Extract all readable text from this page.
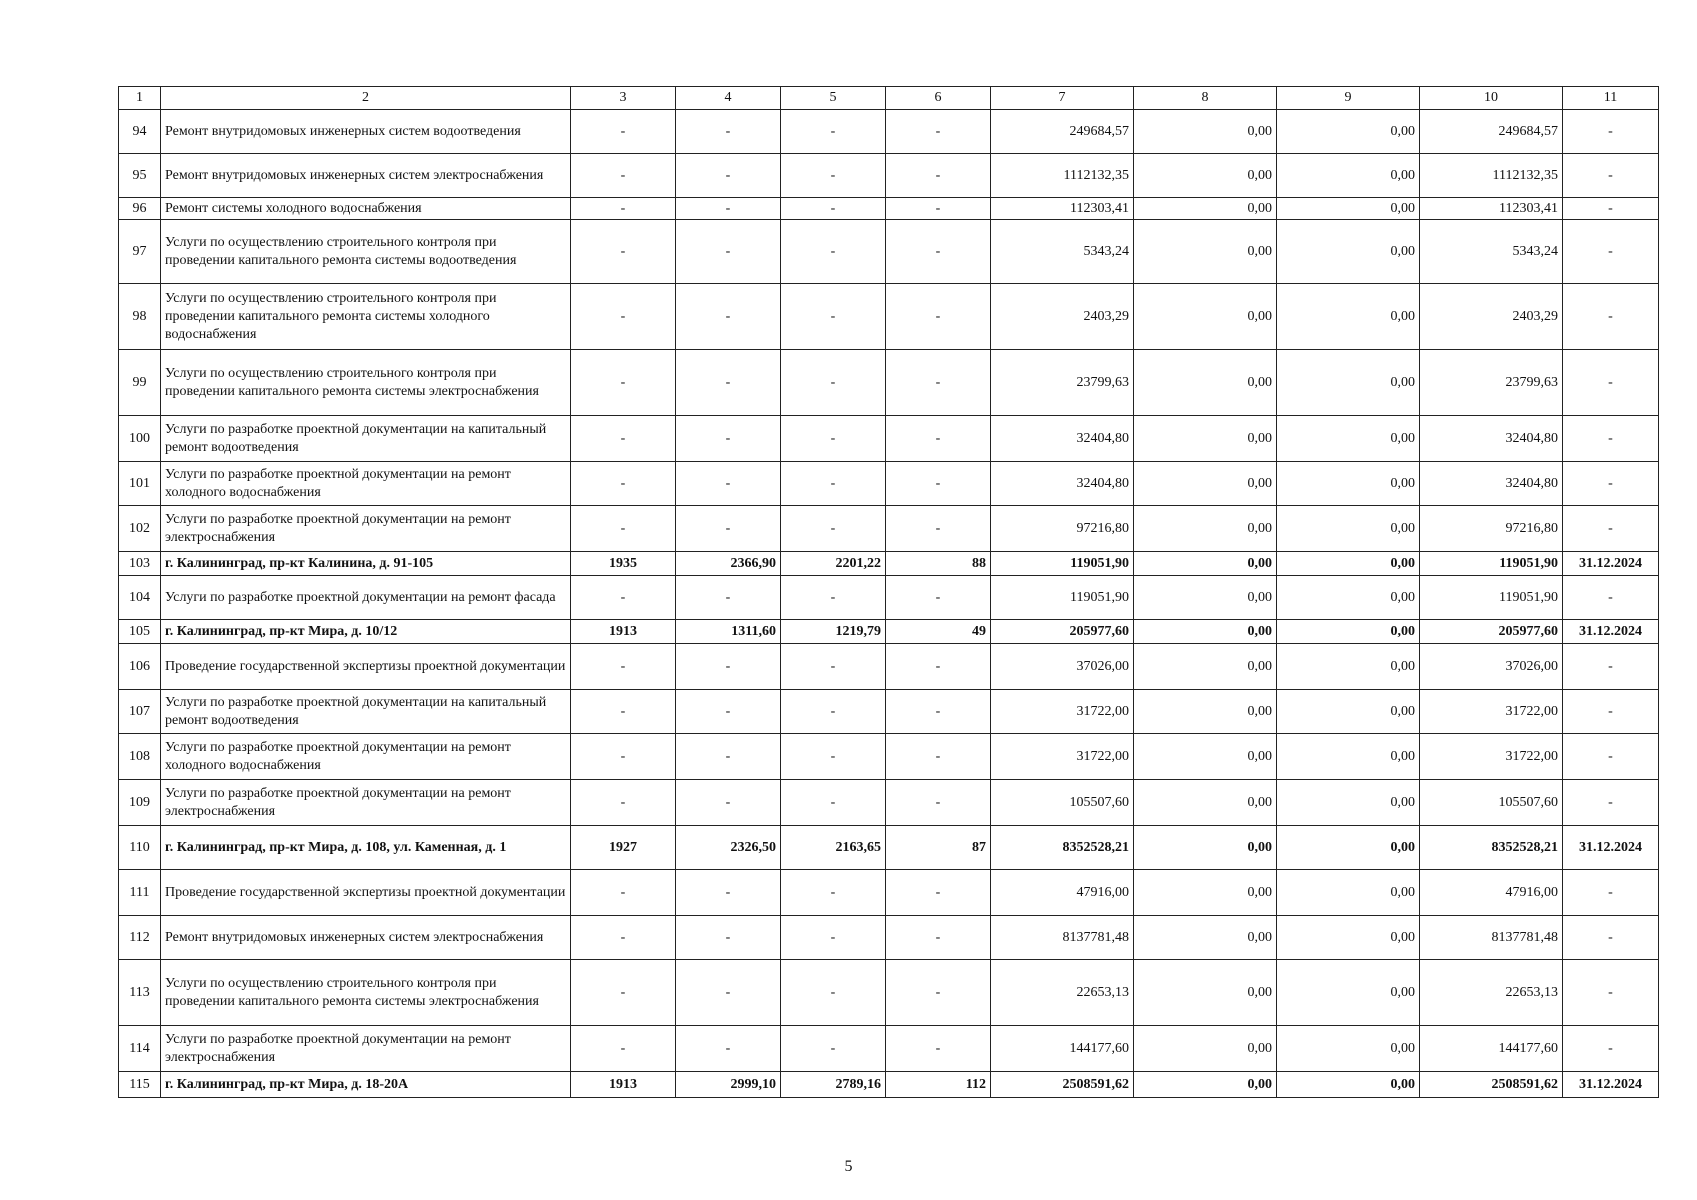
1	2	3	4	5	6	7	8	9	10	11
94	Ремонт внутридомовых инженерных систем водоотведения	-	-	-	-	249684,57	0,00	0,00	249684,57	-
95	Ремонт внутридомовых инженерных систем электроснабжения	-	-	-	-	1112132,35	0,00	0,00	1112132,35	-
96	Ремонт системы холодного водоснабжения	-	-	-	-	112303,41	0,00	0,00	112303,41	-
97	Услуги по осуществлению строительного контроля при проведении капитального ремонта системы водоотведения	-	-	-	-	5343,24	0,00	0,00	5343,24	-
98	Услуги по осуществлению строительного контроля при проведении капитального ремонта системы холодного водоснабжения	-	-	-	-	2403,29	0,00	0,00	2403,29	-
99	Услуги по осуществлению строительного контроля при проведении капитального ремонта системы электроснабжения	-	-	-	-	23799,63	0,00	0,00	23799,63	-
100	Услуги по разработке проектной документации на капитальный ремонт водоотведения	-	-	-	-	32404,80	0,00	0,00	32404,80	-
101	Услуги по разработке проектной документации на ремонт холодного водоснабжения	-	-	-	-	32404,80	0,00	0,00	32404,80	-
102	Услуги по разработке проектной документации на ремонт электроснабжения	-	-	-	-	97216,80	0,00	0,00	97216,80	-
103	г. Калининград, пр-кт Калинина, д. 91-105	1935	2366,90	2201,22	88	119051,90	0,00	0,00	119051,90	31.12.2024
104	Услуги по разработке проектной документации на ремонт фасада	-	-	-	-	119051,90	0,00	0,00	119051,90	-
105	г. Калининград, пр-кт Мира, д. 10/12	1913	1311,60	1219,79	49	205977,60	0,00	0,00	205977,60	31.12.2024
106	Проведение государственной экспертизы проектной документации	-	-	-	-	37026,00	0,00	0,00	37026,00	-
107	Услуги по разработке проектной документации на капитальный ремонт водоотведения	-	-	-	-	31722,00	0,00	0,00	31722,00	-
108	Услуги по разработке проектной документации на ремонт холодного водоснабжения	-	-	-	-	31722,00	0,00	0,00	31722,00	-
109	Услуги по разработке проектной документации на ремонт электроснабжения	-	-	-	-	105507,60	0,00	0,00	105507,60	-
110	г. Калининград, пр-кт Мира, д. 108, ул. Каменная, д. 1	1927	2326,50	2163,65	87	8352528,21	0,00	0,00	8352528,21	31.12.2024
111	Проведение государственной экспертизы проектной документации	-	-	-	-	47916,00	0,00	0,00	47916,00	-
112	Ремонт внутридомовых инженерных систем электроснабжения	-	-	-	-	8137781,48	0,00	0,00	8137781,48	-
113	Услуги по осуществлению строительного контроля при проведении капитального ремонта системы электроснабжения	-	-	-	-	22653,13	0,00	0,00	22653,13	-
114	Услуги по разработке проектной документации на ремонт электроснабжения	-	-	-	-	144177,60	0,00	0,00	144177,60	-
115	г. Калининград, пр-кт Мира, д. 18-20А	1913	2999,10	2789,16	112	2508591,62	0,00	0,00	2508591,62	31.12.2024
5
